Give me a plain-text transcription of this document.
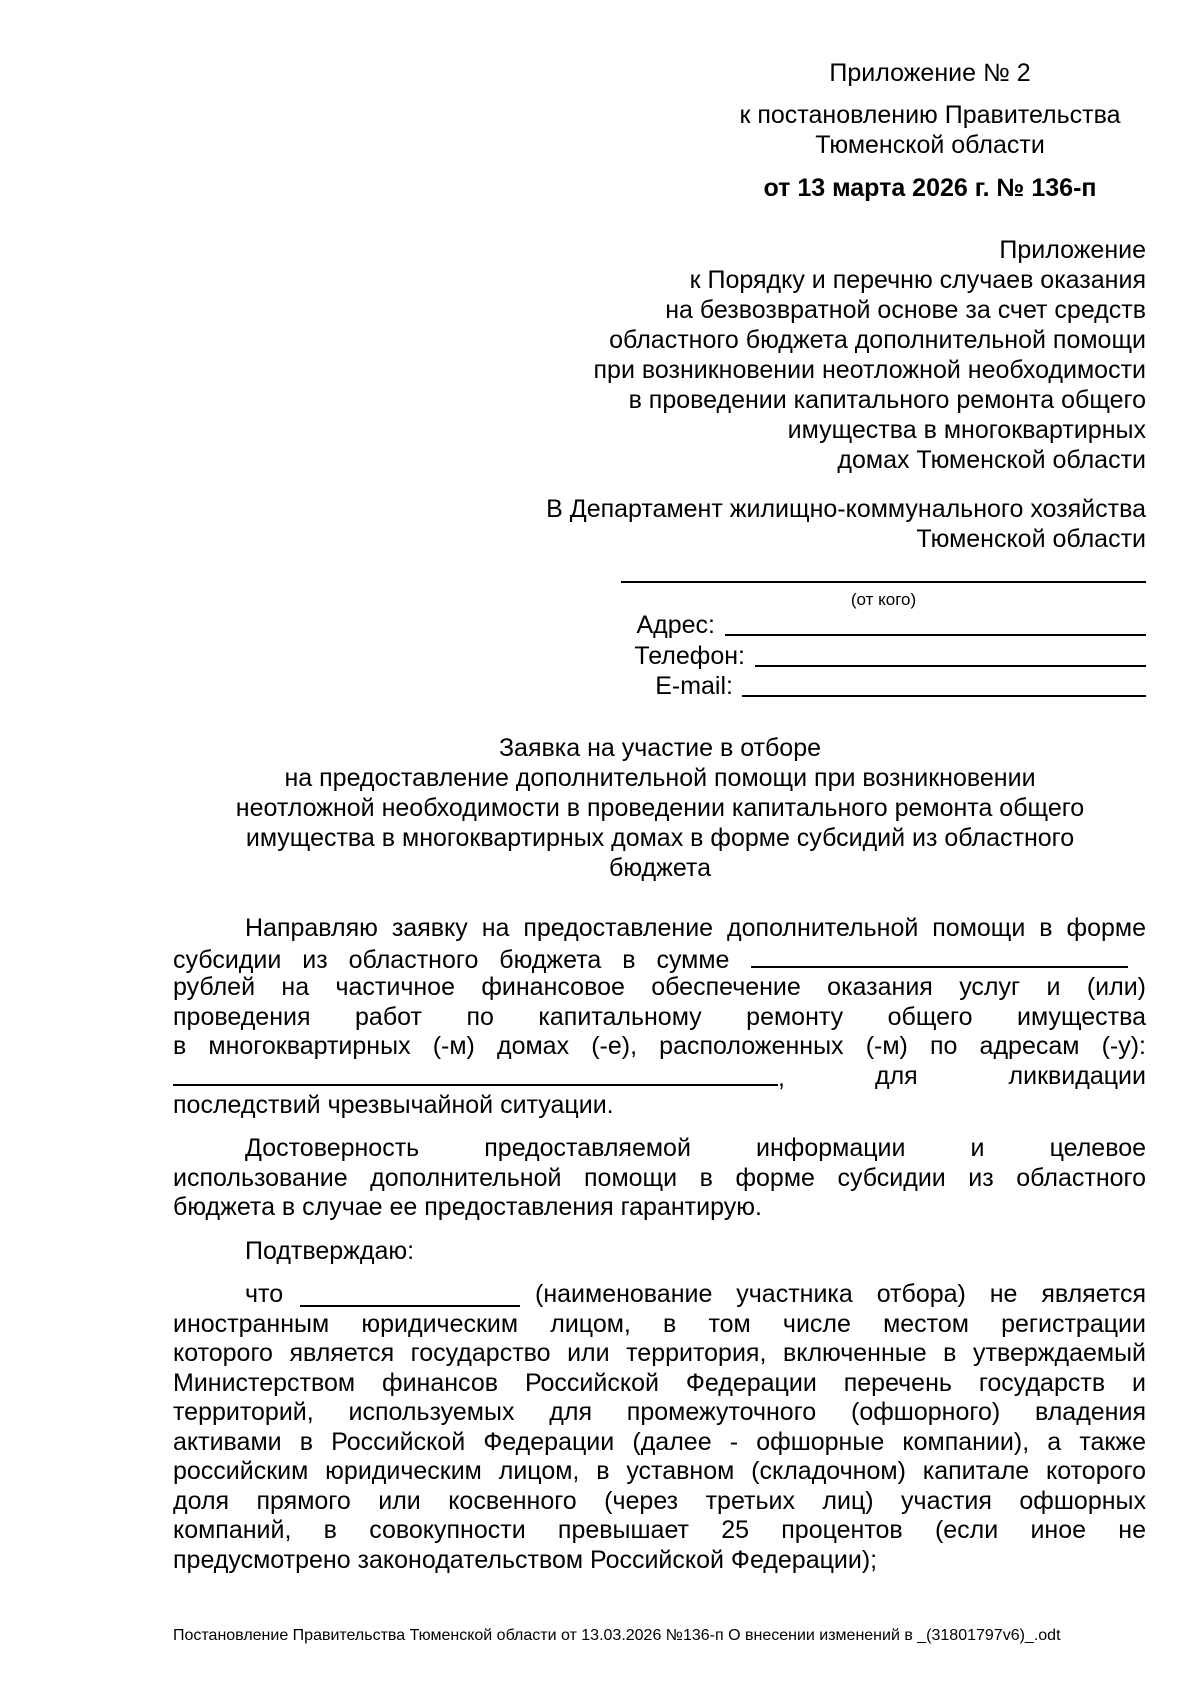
Приложение № 2
к постановлению Правительства
Тюменской области
от 13 марта 2026 г. № 136-п
Приложение
к Порядку и перечню случаев оказания
на безвозвратной основе за счет средств
областного бюджета дополнительной помощи
при возникновении неотложной необходимости
в проведении капитального ремонта общего
имущества в многоквартирных
домах Тюменской области
В Департамент жилищно-коммунального хозяйства
Тюменской области
(от кого)
Адрес:
Телефон:
E-mail:
Заявка на участие в отборе
на предоставление дополнительной помощи при возникновении
неотложной необходимости в проведении капитального ремонта общего
имущества в многоквартирных домах в форме субсидий из областного
бюджета
Направляю заявку на предоставление дополнительной помощи в форме
субсидии из областного бюджета в сумме
рублей на частичное финансовое обеспечение оказания услуг и (или)
проведения работ по капитальному ремонту общего имущества
в многоквартирных (-м) домах (-е), расположенных (-м) по адресам (-у):
,	для	ликвидации
последствий чрезвычайной ситуации.
Достоверность предоставляемой информации и целевое
использование дополнительной помощи в форме субсидии из областного
бюджета в случае ее предоставления гарантирую.
Подтверждаю:
что	(наименование участника отбора) не является
иностранным юридическим лицом, в том числе местом регистрации
которого является государство или территория, включенные в утверждаемый
Министерством финансов Российской Федерации перечень государств и
территорий, используемых для промежуточного (офшорного) владения
активами в Российской Федерации (далее - офшорные компании), а также
российским юридическим лицом, в уставном (складочном) капитале которого
доля прямого или косвенного (через третьих лиц) участия офшорных
компаний, в совокупности превышает 25 процентов (если иное не
предусмотрено законодательством Российской Федерации);
Постановление Правительства Тюменской области от 13.03.2026 №136-п О внесении изменений в _(31801797v6)_.odt
